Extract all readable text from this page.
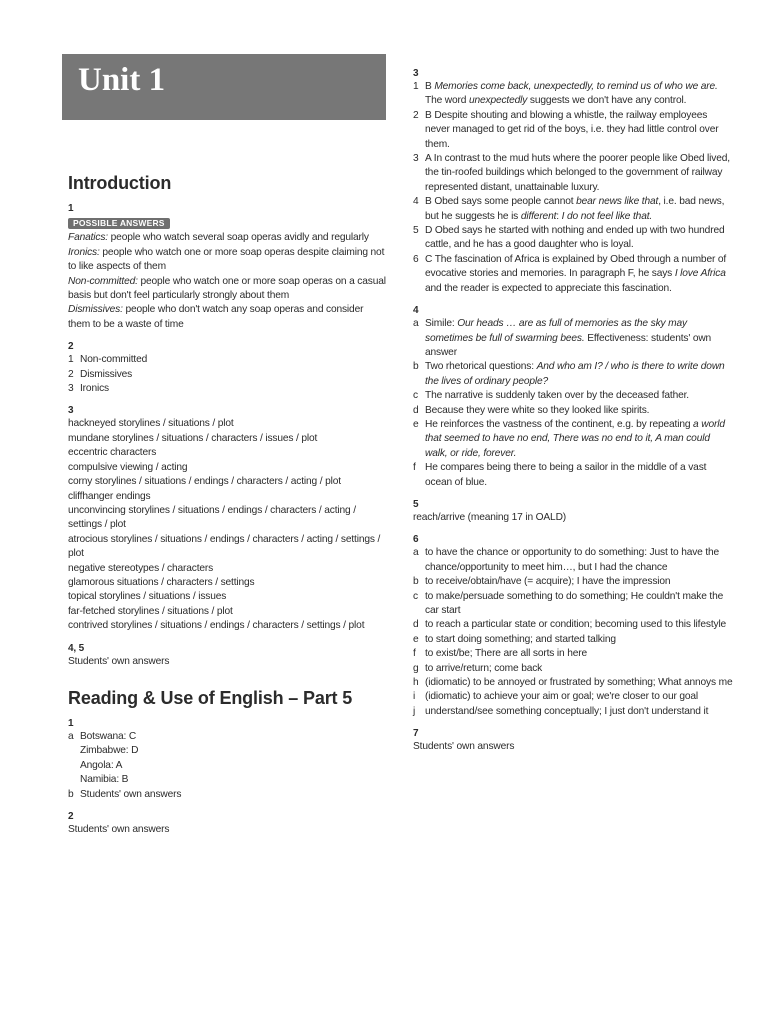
Unit 1
Introduction
1
POSSIBLE ANSWERS

Fanatics: people who watch several soap operas avidly and regularly

Ironics: people who watch one or more soap operas despite claiming not to like aspects of them

Non-committed: people who watch one or more soap operas on a casual basis but don't feel particularly strongly about them

Dismissives: people who don't watch any soap operas and consider them to be a waste of time

2

1 Non-committed

2 Dismissives

3 Ironics

3

hackneyed storylines / situations / plot

mundane storylines / situations / characters / issues / plot

eccentric characters

compulsive viewing / acting

corny storylines / situations / endings / characters / acting / plot

cliffhanger endings

unconvincing storylines / situations / endings / characters / acting / settings / plot

atrocious storylines / situations / endings / characters / acting / settings / plot

negative stereotypes / characters

glamorous situations / characters / settings

topical storylines / situations / issues

far-fetched storylines / situations / plot

contrived storylines / situations / endings / characters / settings / plot

4, 5

Students' own answers

Reading & Use of English – Part 5
1

a Botswana: C

Zimbabwe: D

Angola: A

Namibia: B

b Students' own answers

2

Students' own answers

3

1 B Memories come back, unexpectedly, to remind us of who we are. The word unexpectedly suggests we don't have any control.

2 B Despite shouting and blowing a whistle, the railway employees never managed to get rid of the boys, i.e. they had little control over them.

3 A In contrast to the mud huts where the poorer people like Obed lived, the tin-roofed buildings which belonged to the government of railway represented distant, unattainable luxury.

4 B Obed says some people cannot bear news like that, i.e. bad news, but he suggests he is different: I do not feel like that.

5 D Obed says he started with nothing and ended up with two hundred cattle, and he has a good daughter who is loyal.

6 C The fascination of Africa is explained by Obed through a number of evocative stories and memories. In paragraph F, he says I love Africa and the reader is expected to appreciate this fascination.

4

a Simile: Our heads … are as full of memories as the sky may sometimes be full of swarming bees. Effectiveness: students' own answer

b Two rhetorical questions: And who am I? / who is there to write down the lives of ordinary people?

c The narrative is suddenly taken over by the deceased father.

d Because they were white so they looked like spirits.

e He reinforces the vastness of the continent, e.g. by repeating a world that seemed to have no end, There was no end to it, A man could walk, or ride, forever.

f He compares being there to being a sailor in the middle of a vast ocean of blue.

5

reach/arrive (meaning 17 in OALD)

6

a to have the chance or opportunity to do something: Just to have the chance/opportunity to meet him…, but I had the chance

b to receive/obtain/have (= acquire); I have the impression

c to make/persuade something to do something; He couldn't make the car start

d to reach a particular state or condition; becoming used to this lifestyle

e to start doing something; and started talking

f to exist/be; There are all sorts in here

g to arrive/return; come back

h (idiomatic) to be annoyed or frustrated by something; What annoys me

i (idiomatic) to achieve your aim or goal; we're closer to our goal

j understand/see something conceptually; I just don't understand it

7

Students' own answers
